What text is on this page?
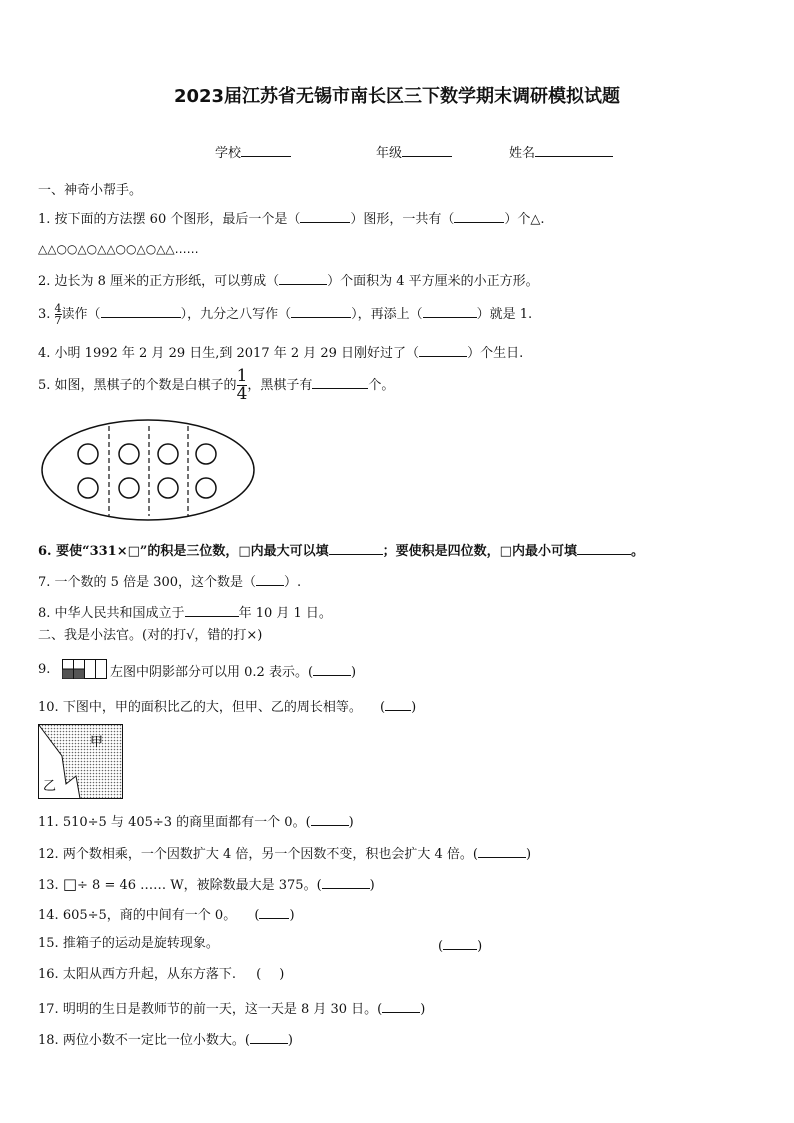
2023届江苏省无锡市南长区三下数学期末调研模拟试题
学校	年级	姓名
一、神奇小帮手。
1. 按下面的方法摆 60 个图形，最后一个是（	）图形，一共有（	）个△.
△△○○△○△△○○△○△△……
2. 边长为 8 厘米的正方形纸，可以剪成（	）个面积为 4 平方厘米的小正方形。
3. $\frac{4}{7}$ 读作（	），九分之八写作（	），再添上（	）就是 1.
4. 小明 1992 年 2 月 29 日生,到 2017 年 2 月 29 日刚好过了（	）个生日.
5. 如图，黑棋子的个数是白棋子的 $\frac{1}{4}$ ，黑棋子有	个。
6. 要使“331×□”的积是三位数，□内最大可以填	；要使积是四位数，□内最小可填	。
7. 一个数的 5 倍是 300，这个数是（ ）.
8. 中华人民共和国成立于	年 10 月 1 日。
二、我是小法官。(对的打√，错的打×)
9.	左图中阴影部分可以用 0.2 表示。(	)
10. 下图中，甲的面积比乙的大，但甲、乙的周长相等。 ( )
甲
乙
11. 510÷5 与 405÷3 的商里面都有一个 0。(	)
12. 两个数相乘，一个因数扩大 4 倍，另一个因数不变，积也会扩大 4 倍。(	)
13. □÷ 8 = 46 …… W，被除数最大是 375。(	)
14. 605÷5，商的中间有一个 0。 ( )
15. 推箱子的运动是旋转现象。	(	)
16. 太阳从西方升起，从东方落下. ( )
17. 明明的生日是教师节的前一天，这一天是 8 月 30 日。(	)
18. 两位小数不一定比一位小数大。(	)
